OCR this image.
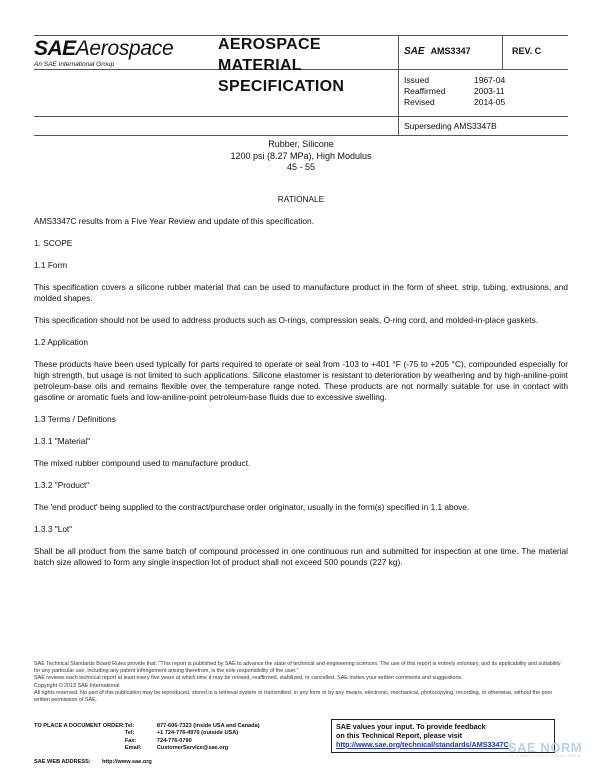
SAEAerospace
An SAE International Group
AEROSPACE
MATERIAL
SPECIFICATION
SAE AMS3347	REV. C
Issued	1967-04
Reaffirmed	2003-11
Revised	2014-05
Superseding AMS3347B
Rubber, Silicone
1200 psi (8.27 MPa), High Modulus
45 - 55
RATIONALE

AMS3347C results from a Five Year Review and update of this specification.

1. SCOPE
1.1 Form

This specification covers a silicone rubber material that can be used to manufacture product in the form of sheet, strip, tubing, extrusions, and molded shapes.

This specification should not be used to address products such as O-rings, compression seals, O-ring cord, and molded-in-place gaskets.

1.2 Application

These products have been used typically for parts required to operate or seal from -103 to +401 °F (-75 to +205 °C), compounded especially for high strength, but usage is not limited to such applications. Silicone elastomer is resistant to deterioration by weathering and by high-aniline-point petroleum-base oils and remains flexible over the temperature range noted. These products are not normally suitable for use in contact with gasoline or aromatic fuels and low-aniline-point petroleum-base fluids due to excessive swelling.

1.3 Terms / Definitions
1.3.1 "Material"

The mixed rubber compound used to manufacture product.

1.3.2 "Product"

The 'end product' being supplied to the contract/purchase order originator, usually in the form(s) specified in 1.1 above.

1.3.3 "Lot"

Shall be all product from the same batch of compound processed in one continuous run and submitted for inspection at one time. The material batch size allowed to form any single inspection lot of product shall not exceed 500 pounds (227 kg).

SAE Technical Standards Board Rules provide that: "This report is published by SAE to advance the state of technical and engineering sciences. The use of this report is entirely voluntary, and its applicability and suitability for any particular use, including any patent infringement arising therefrom, is the sole responsibility of the user."

SAE reviews each technical report at least every five years at which time it may be revised, reaffirmed, stabilized, or cancelled. SAE invites your written comments and suggestions.

Copyright © 2013 SAE International

All rights reserved. No part of this publication may be reproduced, stored in a retrieval system or transmitted, in any form or by any means, electronic, mechanical, photocopying, recording, or otherwise, without the prior written permission of SAE.

TO PLACE A DOCUMENT ORDER:	Tel:	877-606-7323 (inside USA and Canada)
	Tel:	+1 724-776-4970 (outside USA)
	Fax:	724-776-0790
	Email:	CustomerService@sae.org
SAE WEB ADDRESS: http://www.sae.org
SAE values your input. To provide feedback
on this Technical Report, please visit
http://www.sae.org/technical/standards/AMS3347C SAE NORM
INTERNATIONAL STANDARDS
